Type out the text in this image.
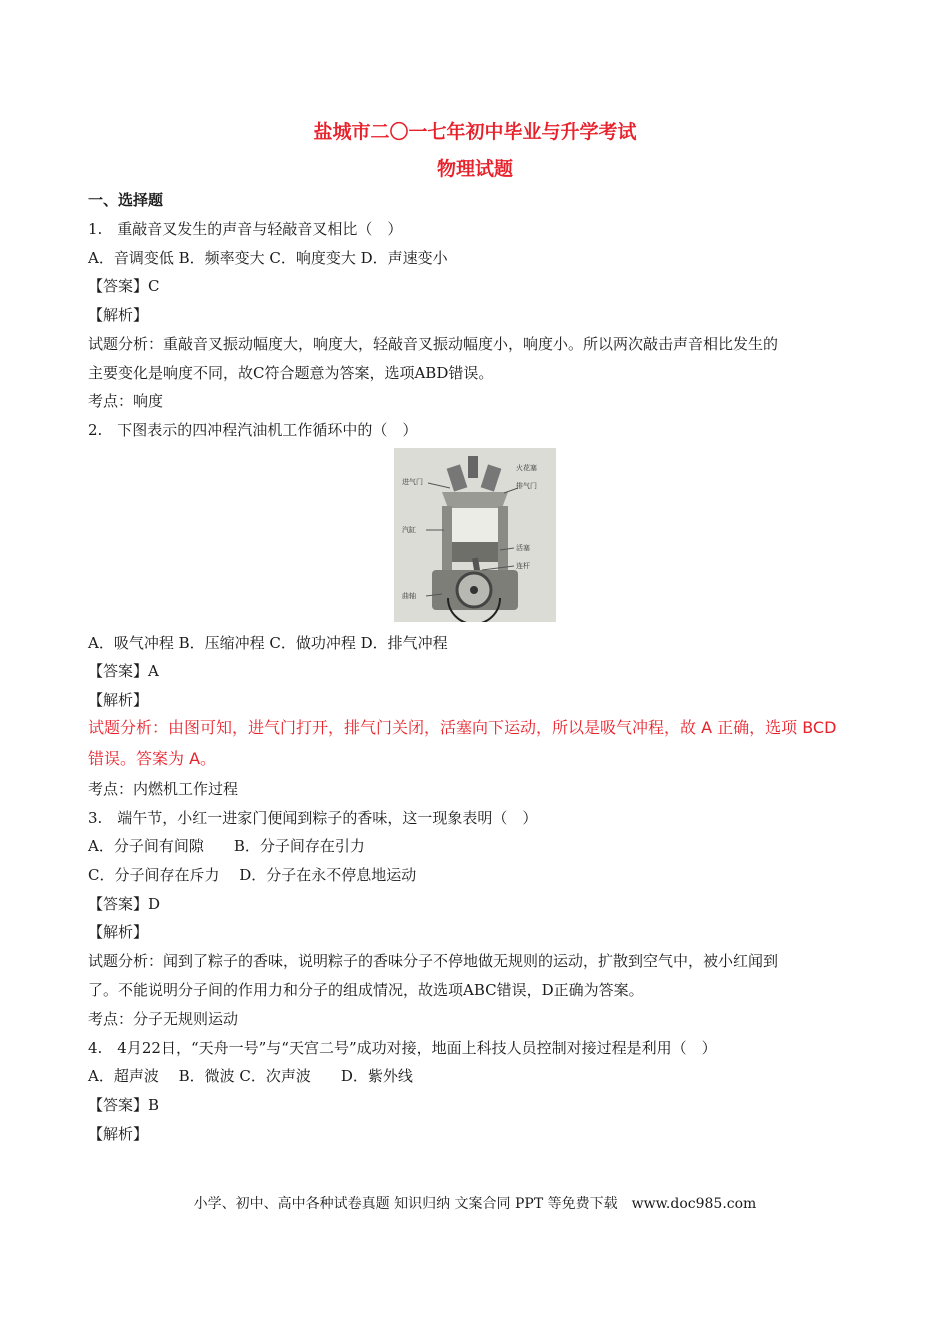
盐城市二〇一七年初中毕业与升学考试
物理试题
一、选择题
1.　重敲音叉发生的声音与轻敲音叉相比（　）
A．音调变低 B．频率变大 C．响度变大 D．声速变小
【答案】C
【解析】
试题分析：重敲音叉振动幅度大，响度大，轻敲音叉振动幅度小，响度小。所以两次敲击声音相比发生的
主要变化是响度不同，故C符合题意为答案，选项ABD错误。
考点：响度
2.　下图表示的四冲程汽油机工作循环中的（　）
进气门
火花塞
排气门
汽缸
活塞
连杆
曲轴
A．吸气冲程 B．压缩冲程 C．做功冲程 D．排气冲程
【答案】A
【解析】
试题分析：由图可知，进气门打开，排气门关闭，活塞向下运动，所以是吸气冲程，故 A 正确，选项 BCD
错误。答案为 A。
考点：内燃机工作过程
3.　端午节，小红一进家门便闻到粽子的香味，这一现象表明（　）
A．分子间有间隙　　B．分子间存在引力
C．分子间存在斥力　 D．分子在永不停息地运动
【答案】D
【解析】
试题分析：闻到了粽子的香味，说明粽子的香味分子不停地做无规则的运动，扩散到空气中，被小红闻到
了。不能说明分子间的作用力和分子的组成情况，故选项ABC错误，D正确为答案。
考点：分子无规则运动
4.　4月22日，“天舟一号”与“天宫二号”成功对接，地面上科技人员控制对接过程是利用（　）
A．超声波　 B．微波 C．次声波　　D．紫外线
【答案】B
【解析】
小学、初中、高中各种试卷真题 知识归纳 文案合同 PPT 等免费下载　www.doc985.com
